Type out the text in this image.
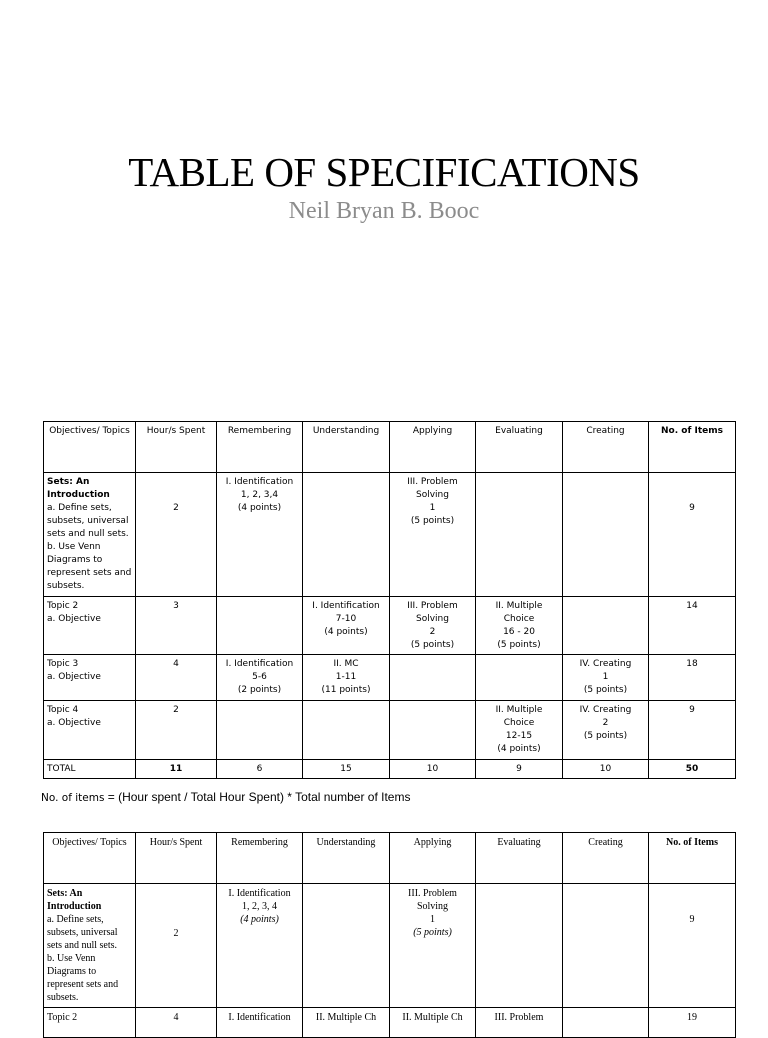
TABLE OF SPECIFICATIONS
Neil Bryan B. Booc
Objectives/ Topics	Hour/s Spent	Remembering	Understanding	Applying	Evaluating	Creating	No. of Items

Sets: An Introduction
a. Define sets, subsets, universal sets and null sets.
b. Use Venn Diagrams to represent sets and subsets.	2	I. Identification
1, 2, 3,4
(4 points)		III. Problem
Solving
1
(5 points)			9

Topic 2
a. Objective	3		I. Identification
7-10
(4 points)	III. Problem
Solving
2
(5 points)	II. Multiple
Choice
16 - 20
(5 points)		14

Topic 3
a. Objective	4	I. Identification
5-6
(2 points)	II. MC
1-11
(11 points)			IV. Creating
1
(5 points)	18

Topic 4
a. Objective	2				II. Multiple
Choice
12-15
(4 points)	IV. Creating
2
(5 points)	9
TOTAL	11	6	15	10	9	10	50
No. of items = (Hour spent / Total Hour Spent) * Total number of Items
Objectives/ Topics	Hour/s Spent	Remembering	Understanding	Applying	Evaluating	Creating	No. of Items

Sets: An Introduction
a. Define sets, subsets, universal sets and null sets.
b. Use Venn Diagrams to represent sets and subsets.	2	I. Identification
1, 2, 3, 4
(4 points)		III. Problem
Solving
1
(5 points)			9
Topic 2	4	I. Identification	II. Multiple Ch	II. Multiple Ch	III. Problem		19
